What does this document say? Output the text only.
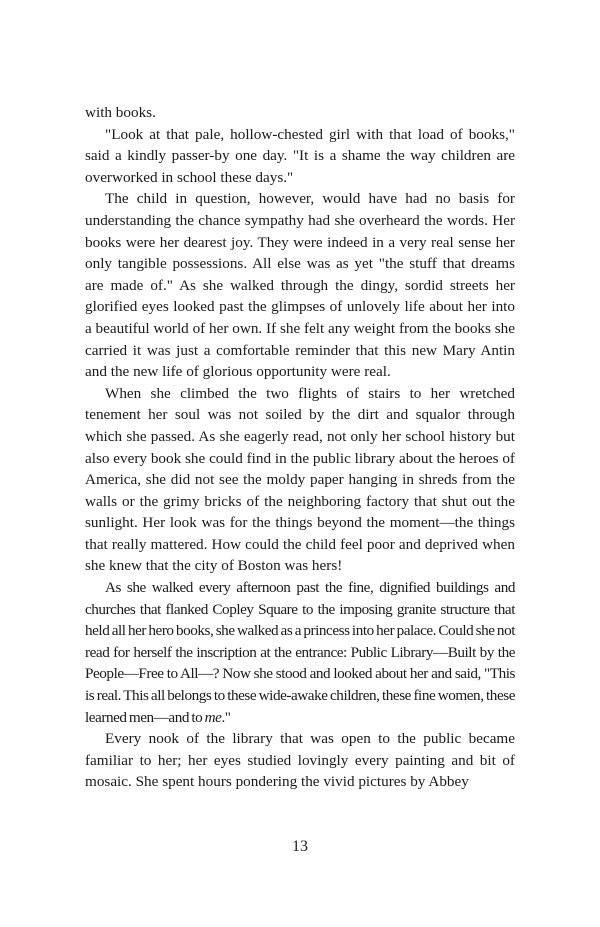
with books.

"Look at that pale, hollow-chested girl with that load of books," said a kindly passer-by one day. "It is a shame the way children are overworked in school these days."

The child in question, however, would have had no basis for understanding the chance sympathy had she overheard the words. Her books were her dearest joy. They were indeed in a very real sense her only tangible possessions. All else was as yet "the stuff that dreams are made of." As she walked through the dingy, sordid streets her glorified eyes looked past the glimpses of unlovely life about her into a beautiful world of her own. If she felt any weight from the books she carried it was just a comfortable reminder that this new Mary Antin and the new life of glorious opportunity were real.

When she climbed the two flights of stairs to her wretched tenement her soul was not soiled by the dirt and squalor through which she passed. As she eagerly read, not only her school history but also every book she could find in the public library about the heroes of America, she did not see the moldy paper hanging in shreds from the walls or the grimy bricks of the neighboring factory that shut out the sunlight. Her look was for the things beyond the moment—the things that really mattered. How could the child feel poor and deprived when she knew that the city of Boston was hers!

As she walked every afternoon past the fine, dignified buildings and churches that flanked Copley Square to the imposing granite structure that held all her hero books, she walked as a princess into her palace. Could she not read for herself the inscription at the entrance: Public Library—Built by the People—Free to All—? Now she stood and looked about her and said, "This is real. This all belongs to these wide-awake children, these fine women, these learned men—and to me."

Every nook of the library that was open to the public became familiar to her; her eyes studied lovingly every painting and bit of mosaic. She spent hours pondering the vivid pictures by Abbey

13
